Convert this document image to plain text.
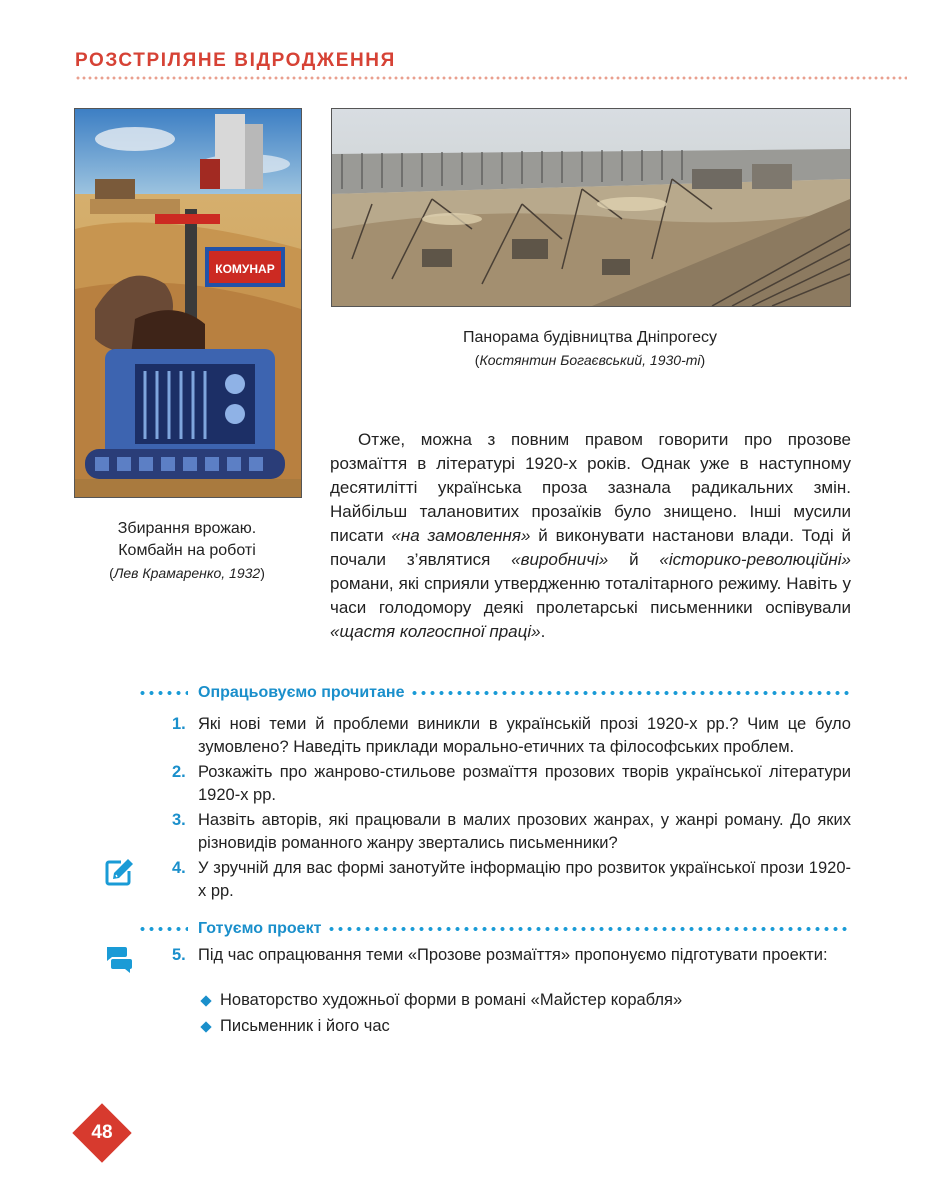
РОЗСТРІЛЯНЕ ВІДРОДЖЕННЯ
КОМУНАР
Панорама будівництва Дніпрогесу
(Костянтин Богаєвський, 1930-ті)
Збирання врожаю.
Комбайн на роботі
(Лев Крамаренко, 1932)
Отже, можна з повним правом говорити про прозове розмаїття в літературі 1920-х років. Однак уже в наступному десятилітті українська проза зазнала радикальних змін. Найбільш талановитих прозаїків було знищено. Інші мусили писати «на замовлення» й виконувати настанови влади. Тоді й почали з’являтися «виробничі» й «історико-революційні» романи, які сприяли утвердженню тоталітарного режиму. Навіть у часи голодомору деякі пролетарські письменники оспівували «щастя колгоспної праці».
Опрацьовуємо прочитане
1. Які нові теми й проблеми виникли в українській прозі 1920-х рр.? Чим це було зумовлено? Наведіть приклади морально-етичних та філософських проблем.
2. Розкажіть про жанрово-стильове розмаїття прозових творів української літератури 1920-х рр.
3. Назвіть авторів, які працювали в малих прозових жанрах, у жанрі роману. До яких різновидів романного жанру звертались письменники?
4. У зручній для вас формі занотуйте інформацію про розвиток української прози 1920-х рр.
Готуємо проект
5. Під час опрацювання теми «Прозове розмаїття» пропонуємо підготувати проекти:
Новаторство художньої форми в романі «Майстер корабля»
Письменник і його час
48
